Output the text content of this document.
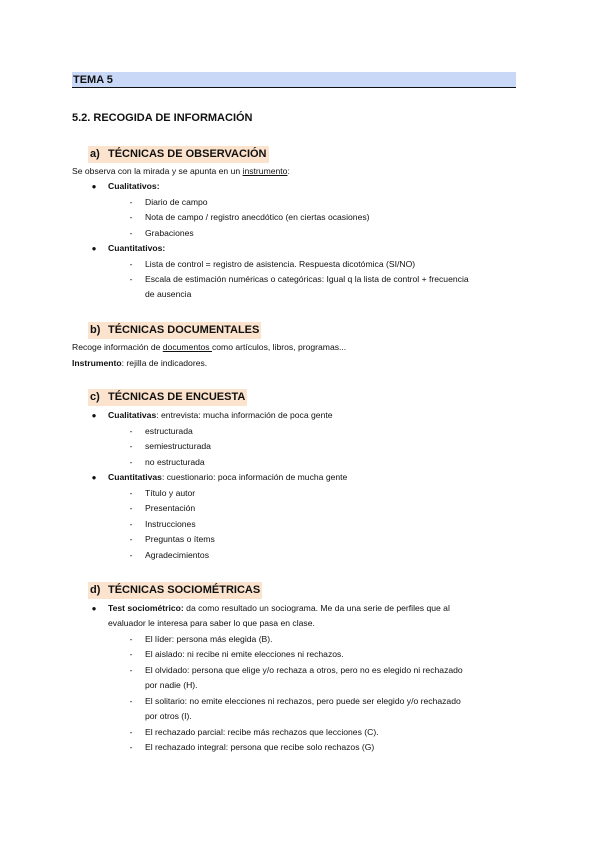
TEMA 5
5.2. RECOGIDA DE INFORMACIÓN
a) TÉCNICAS DE OBSERVACIÓN
Se observa con la mirada y se apunta en un instrumento:
● Cualitativos:
- Diario de campo
- Nota de campo / registro anecdótico (en ciertas ocasiones)
- Grabaciones
● Cuantitativos:
- Lista de control = registro de asistencia. Respuesta dicotómica (SI/NO)
- Escala de estimación numéricas o categóricas: Igual q la lista de control + frecuencia
de ausencia
b) TÉCNICAS DOCUMENTALES
Recoge información de documentos como artículos, libros, programas...
Instrumento: rejilla de indicadores.
c) TÉCNICAS DE ENCUESTA
● Cualitativas: entrevista: mucha información de poca gente
- estructurada
- semiestructurada
- no estructurada
● Cuantitativas: cuestionario: poca información de mucha gente
- Título y autor
- Presentación
- Instrucciones
- Preguntas o ítems
- Agradecimientos
d) TÉCNICAS SOCIOMÉTRICAS
● Test sociométrico: da como resultado un sociograma. Me da una serie de perfiles que al
evaluador le interesa para saber lo que pasa en clase.
- El líder: persona más elegida (B).
- El aislado: ni recibe ni emite elecciones ni rechazos.
- El olvidado: persona que elige y/o rechaza a otros, pero no es elegido ni rechazado
por nadie (H).
- El solitario: no emite elecciones ni rechazos, pero puede ser elegido y/o rechazado
por otros (I).
- El rechazado parcial: recibe más rechazos que lecciones (C).
- El rechazado integral: persona que recibe solo rechazos (G)
